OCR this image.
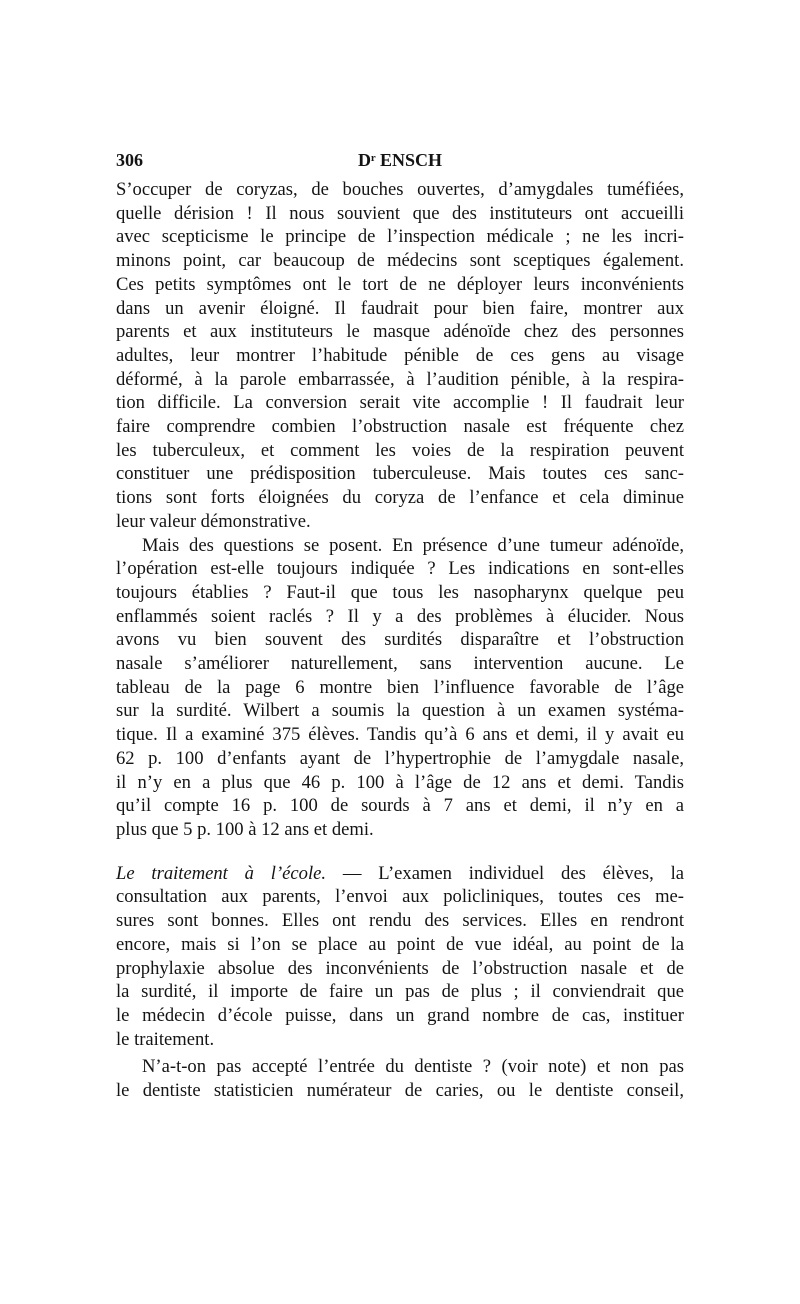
306	Dʳ ENSCH
S’occuper de coryzas, de bouches ouvertes, d’amygdales tuméfiées,
quelle dérision ! Il nous souvient que des instituteurs ont accueilli
avec scepticisme le principe de l’inspection médicale ; ne les incri-
minons point, car beaucoup de médecins sont sceptiques également.
Ces petits symptômes ont le tort de ne déployer leurs inconvénients
dans un avenir éloigné. Il faudrait pour bien faire, montrer aux
parents et aux instituteurs le masque adénoïde chez des personnes
adultes, leur montrer l’habitude pénible de ces gens au visage
déformé, à la parole embarrassée, à l’audition pénible, à la respira-
tion difficile. La conversion serait vite accomplie ! Il faudrait leur
faire comprendre combien l’obstruction nasale est fréquente chez
les tuberculeux, et comment les voies de la respiration peuvent
constituer une prédisposition tuberculeuse. Mais toutes ces sanc-
tions sont forts éloignées du coryza de l’enfance et cela diminue
leur valeur démonstrative.
Mais des questions se posent. En présence d’une tumeur adénoïde,
l’opération est-elle toujours indiquée ? Les indications en sont-elles
toujours établies ? Faut-il que tous les nasopharynx quelque peu
enflammés soient raclés ? Il y a des problèmes à élucider. Nous
avons vu bien souvent des surdités disparaître et l’obstruction
nasale s’améliorer naturellement, sans intervention aucune. Le
tableau de la page 6 montre bien l’influence favorable de l’âge
sur la surdité. Wilbert a soumis la question à un examen systéma-
tique. Il a examiné 375 élèves. Tandis qu’à 6 ans et demi, il y avait eu
62 p. 100 d’enfants ayant de l’hypertrophie de l’amygdale nasale,
il n’y en a plus que 46 p. 100 à l’âge de 12 ans et demi. Tandis
qu’il compte 16 p. 100 de sourds à 7 ans et demi, il n’y en a
plus que 5 p. 100 à 12 ans et demi.
Le traitement à l’école. — L’examen individuel des élèves, la
consultation aux parents, l’envoi aux policliniques, toutes ces me-
sures sont bonnes. Elles ont rendu des services. Elles en rendront
encore, mais si l’on se place au point de vue idéal, au point de la
prophylaxie absolue des inconvénients de l’obstruction nasale et de
la surdité, il importe de faire un pas de plus ; il conviendrait que
le médecin d’école puisse, dans un grand nombre de cas, instituer
le traitement.
N’a-t-on pas accepté l’entrée du dentiste ? (voir note) et non pas
le dentiste statisticien numérateur de caries, ou le dentiste conseil,
